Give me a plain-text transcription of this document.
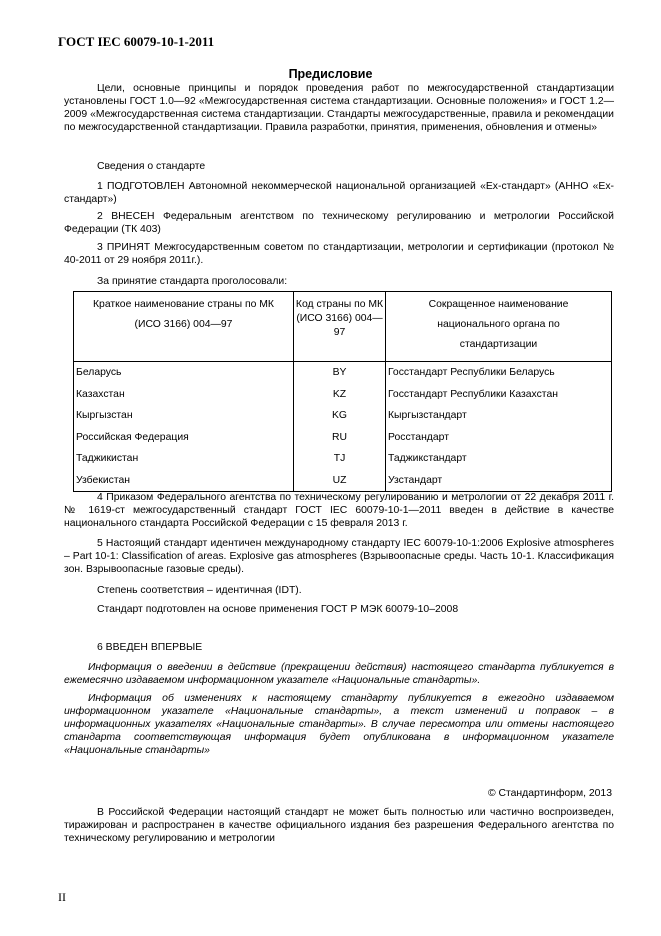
ГОСТ IEC 60079-10-1-2011
Предисловие
Цели, основные принципы и порядок проведения работ по межгосударственной стандартизации установлены ГОСТ 1.0—92 «Межгосударственная система стандартизации. Основные положения» и ГОСТ 1.2—2009 «Межгосударственная система стандартизации. Стандарты межгосударственные, правила и рекомендации по межгосударственной стандартизации. Правила разработки, принятия, применения, обновления и отмены»
Сведения о стандарте
1 ПОДГОТОВЛЕН Автономной некоммерческой национальной организацией «Ех-стандарт» (АННО «Ех-стандарт»)
2 ВНЕСЕН Федеральным агентством по техническому регулированию и метрологии Российской Федерации (ТК 403)
3 ПРИНЯТ Межгосударственным советом по стандартизации, метрологии и сертификации (протокол № 40-2011 от 29 ноября 2011г.).
За принятие стандарта проголосовали:
Краткое наименование страны по МК (ИСО 3166) 004—97	Код страны по МК (ИСО 3166) 004—97	Сокращенное наименование национального органа по стандартизации
Беларусь	BY	Госстандарт Республики Беларусь
Казахстан	KZ	Госстандарт Республики Казахстан
Кыргызстан	KG	Кыргызстандарт
Российская Федерация	RU	Росстандарт
Таджикистан	TJ	Таджикстандарт
Узбекистан	UZ	Узстандарт
4 Приказом Федерального агентства по техническому регулированию и метрологии от 22 декабря 2011 г. № 1619-ст межгосударственный стандарт ГОСТ IEC 60079-10-1—2011 введен в действие в качестве национального стандарта Российской Федерации с 15 февраля 2013 г.
5 Настоящий стандарт идентичен международному стандарту IEC 60079-10-1:2006 Explosive atmospheres – Part 10-1: Classification of areas. Explosive gas atmospheres (Взрывоопасные среды. Часть 10-1. Классификация зон. Взрывоопасные газовые среды).
Степень соответствия – идентичная (IDT).
Стандарт подготовлен на основе применения ГОСТ Р МЭК 60079-10–2008
6 ВВЕДЕН ВПЕРВЫЕ
Информация о введении в действие (прекращении действия) настоящего стандарта публикуется в ежемесячно издаваемом информационном указателе «Национальные стандарты».
Информация об изменениях к настоящему стандарту публикуется в ежегодно издаваемом информационном указателе «Национальные стандарты», а текст изменений и поправок – в информационных указателях «Национальные стандарты». В случае пересмотра или отмены настоящего стандарта соответствующая информация будет опубликована в информационном указателе «Национальные стандарты»
© Стандартинформ, 2013
В Российской Федерации настоящий стандарт не может быть полностью или частично воспроизведен, тиражирован и распространен в качестве официального издания без разрешения Федерального агентства по техническому регулированию и метрологии
II
